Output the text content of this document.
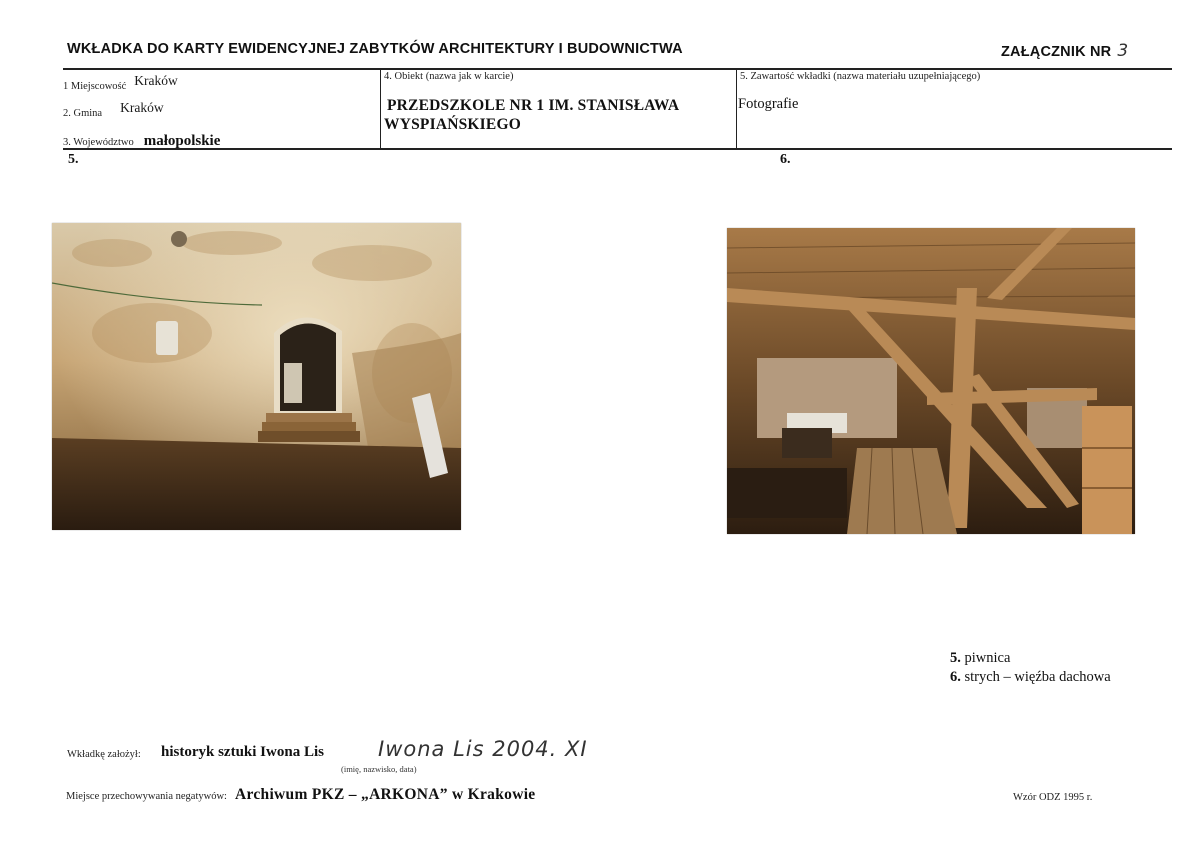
WKŁADKA DO KARTY EWIDENCYJNEJ ZABYTKÓW ARCHITEKTURY I BUDOWNICTWA	ZAŁĄCZNIK NR 3
1 Miejscowość $^{Kraków}$
2. Gmina $^{Kraków}$
3. Województwo małopolskie
4. Obiekt (nazwa jak w karcie)
PRZEDSZKOLE NR 1 IM. STANISŁAWA
WYSPIAŃSKIEGO
5. Zawartość wkładki (nazwa materiału uzupełniającego)
Fotografie
5.	6.
5. piwnica
6. strych – więźba dachowa
Wkładkę założył: historyk sztuki Iwona Lis	Iwona Lis 2004. XI
(imię, nazwisko, data)
Miejsce przechowywania negatywów: Archiwum PKZ – „ARKONA” w Krakowie	Wzór ODZ 1995 r.
